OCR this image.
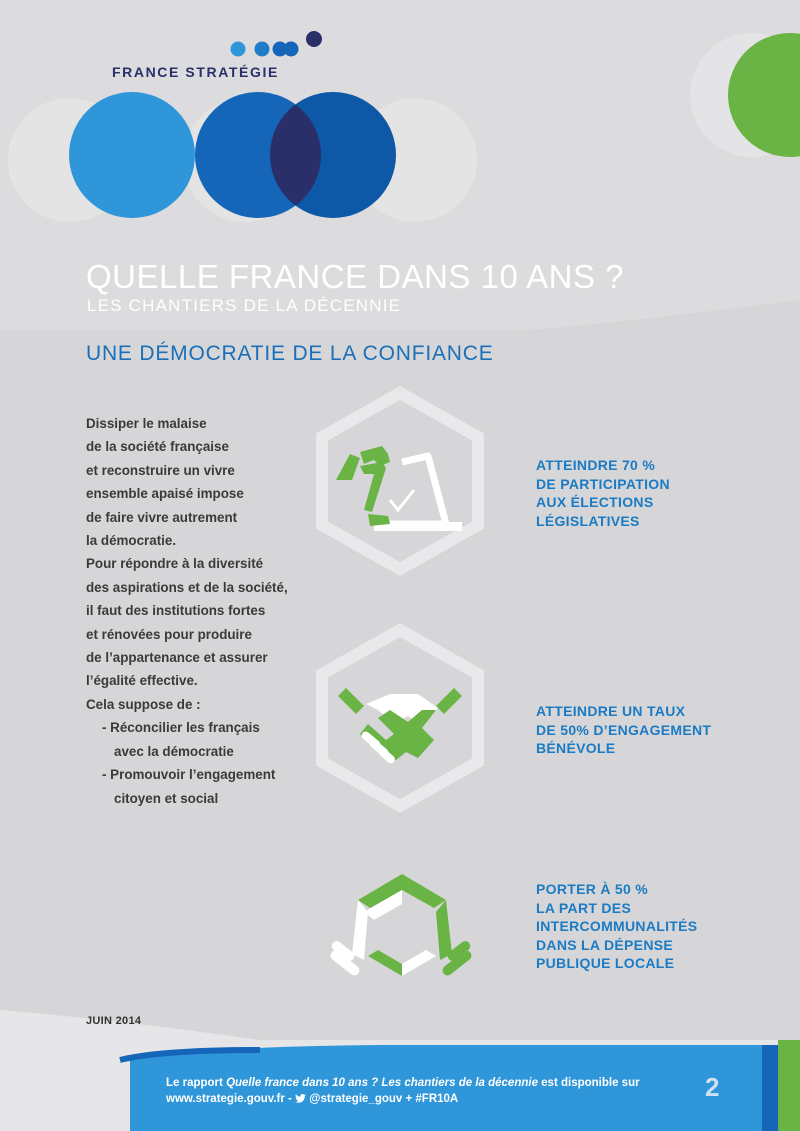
FRANCE STRATÉGIE
QUELLE FRANCE DANS 10 ANS ?
LES CHANTIERS DE LA DÉCENNIE
UNE DÉMOCRATIE DE LA CONFIANCE
Dissiper le malaise
de la société française
et reconstruire un vivre
ensemble apaisé impose
de faire vivre autrement
la démocratie.
Pour répondre à la diversité
des aspirations et de la société,
il faut des institutions fortes
et rénovées pour produire
de l’appartenance et assurer
l’égalité effective.
Cela suppose de :
- Réconcilier les français
avec la démocratie
- Promouvoir l’engagement
citoyen et social
ATTEINDRE 70 %
DE PARTICIPATION
AUX ÉLECTIONS
LÉGISLATIVES
ATTEINDRE UN TAUX
DE 50% D’ENGAGEMENT
BÉNÉVOLE
PORTER À 50 %
LA PART DES
INTERCOMMUNALITÉS
DANS LA DÉPENSE
PUBLIQUE LOCALE
JUIN 2014
Le rapport Quelle france dans 10 ans ? Les chantiers de la décennie est disponible sur
www.strategie.gouv.fr -  @strategie_gouv + #FR10A	2
